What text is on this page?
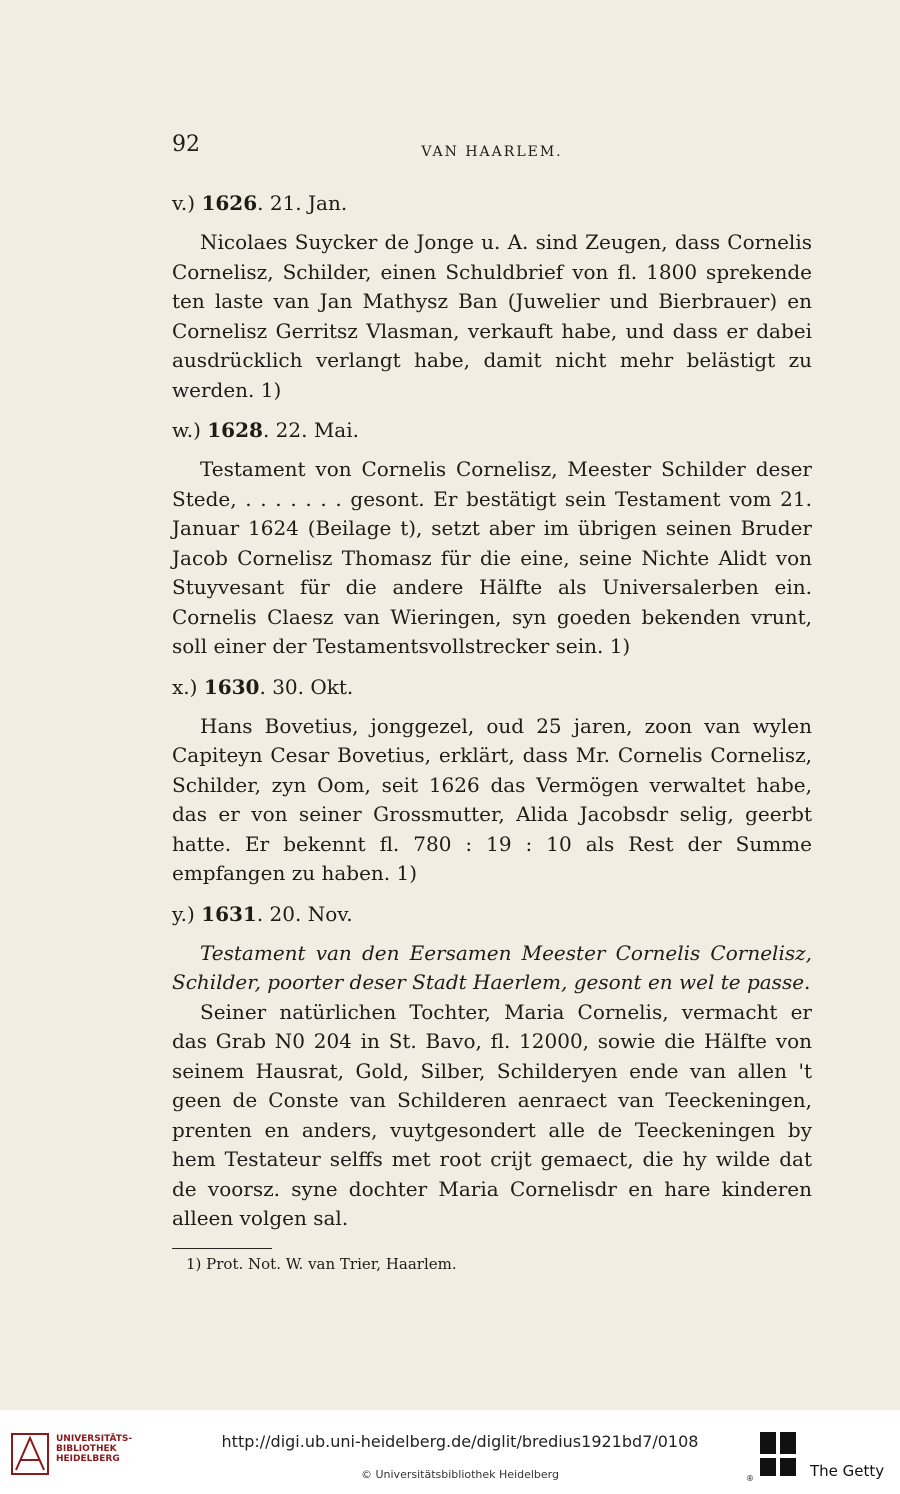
92	VAN HAARLEM.
v.) 1626. 21. Jan.

Nicolaes Suycker de Jonge u. A. sind Zeugen, dass Cornelis Cornelisz, Schilder, einen Schuldbrief von fl. 1800 sprekende ten laste van Jan Mathysz Ban (Juwelier und Bierbrauer) en Cornelisz Gerritsz Vlasman, verkauft habe, und dass er dabei ausdrücklich verlangt habe, damit nicht mehr belästigt zu werden. 1)

w.) 1628. 22. Mai.

Testament von Cornelis Cornelisz, Meester Schilder deser Stede, . . . . . . . gesont. Er bestätigt sein Testament vom 21. Januar 1624 (Beilage t), setzt aber im übrigen seinen Bruder Jacob Cornelisz Thomasz für die eine, seine Nichte Alidt von Stuyvesant für die andere Hälfte als Universalerben ein. Cornelis Claesz van Wieringen, syn goeden bekenden vrunt, soll einer der Testamentsvollstrecker sein. 1)

x.) 1630. 30. Okt.

Hans Bovetius, jonggezel, oud 25 jaren, zoon van wylen Capiteyn Cesar Bovetius, erklärt, dass Mr. Cornelis Cornelisz, Schilder, zyn Oom, seit 1626 das Vermögen verwaltet habe, das er von seiner Grossmutter, Alida Jacobsdr selig, geerbt hatte. Er bekennt fl. 780 : 19 : 10 als Rest der Summe empfangen zu haben. 1)

y.) 1631. 20. Nov.

Testament van den Eersamen Meester Cornelis Cornelisz, Schilder, poorter deser Stadt Haerlem, gesont en wel te passe.

Seiner natürlichen Tochter, Maria Cornelis, vermacht er das Grab N0 204 in St. Bavo, fl. 12000, sowie die Hälfte von seinem Hausrat, Gold, Silber, Schilderyen ende van allen 't geen de Conste van Schilderen aenraect van Teeckeningen, prenten en anders, vuytgesondert alle de Teeckeningen by hem Testateur selffs met root crijt gemaect, die hy wilde dat de voorsz. syne dochter Maria Cornelisdr en hare kinderen alleen volgen sal.

1) Prot. Not. W. van Trier, Haarlem.
UNIVERSITÄTS-
BIBLIOTHEK
HEIDELBERG
http://digi.ub.uni-heidelberg.de/diglit/bredius1921bd7/0108
© Universitätsbibliothek Heidelberg	®	The Getty
